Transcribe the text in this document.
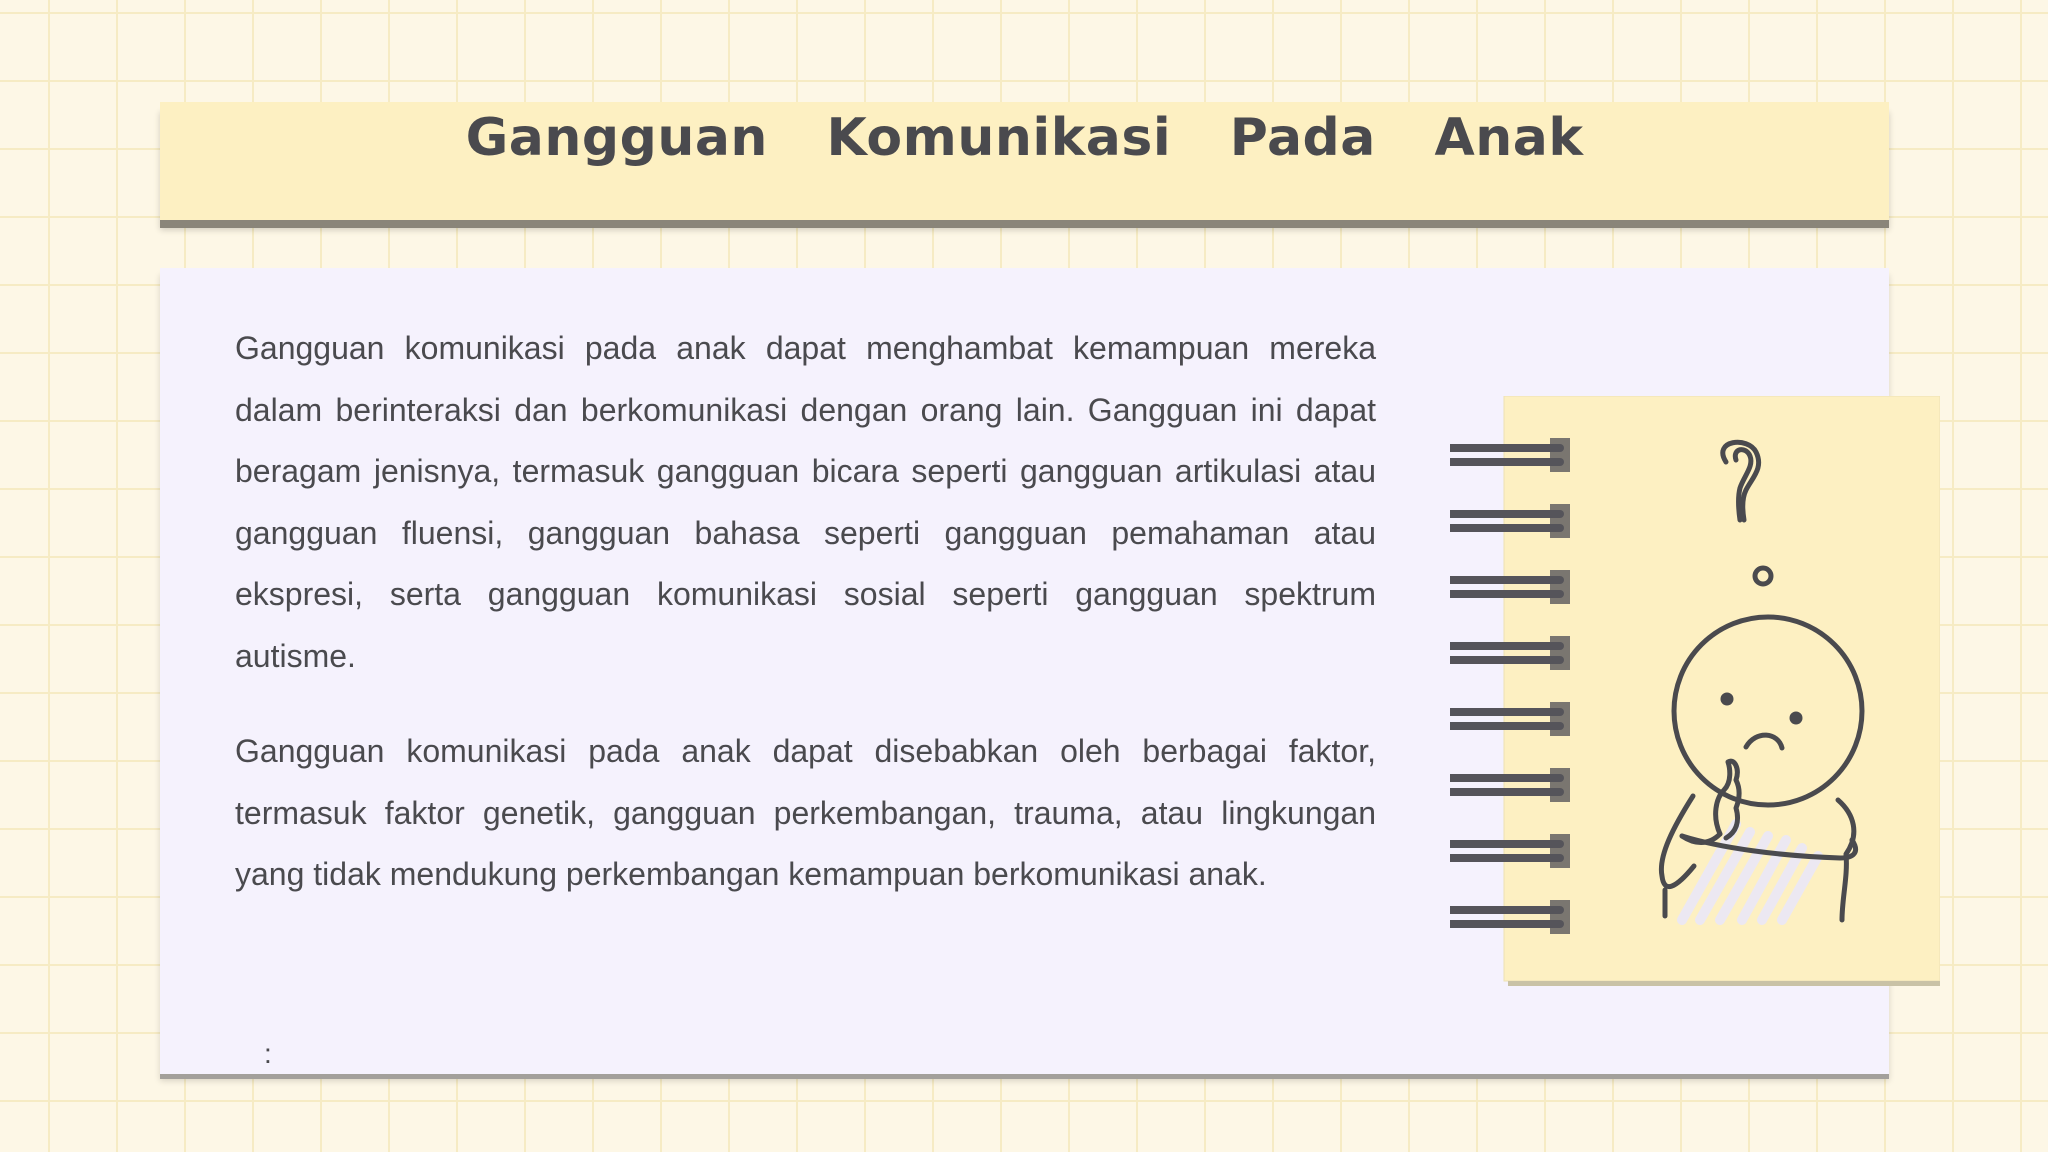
Gangguan Komunikasi Pada Anak

Gangguan komunikasi pada anak dapat menghambat kemampuan mereka dalam berinteraksi dan berkomunikasi dengan orang lain. Gangguan ini dapat beragam jenisnya, termasuk gangguan bicara seperti gangguan artikulasi atau gangguan fluensi, gangguan bahasa seperti gangguan pemahaman atau ekspresi, serta gangguan komunikasi sosial seperti gangguan spektrum autisme.

Gangguan komunikasi pada anak dapat disebabkan oleh berbagai faktor, termasuk faktor genetik, gangguan perkembangan, trauma, atau lingkungan yang tidak mendukung perkembangan kemampuan berkomunikasi anak.

:
